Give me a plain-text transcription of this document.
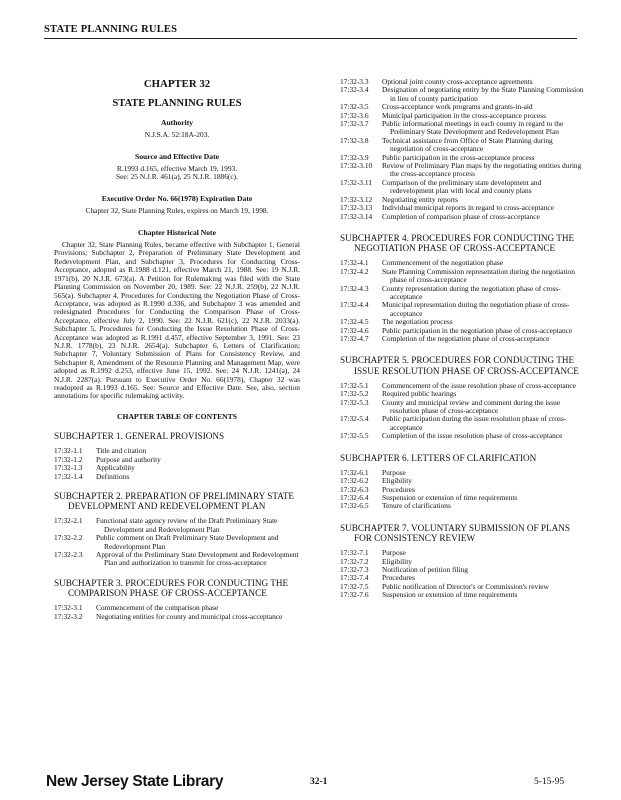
STATE PLANNING RULES
CHAPTER 32
STATE PLANNING RULES
Authority
N.J.S.A. 52:18A-203.
Source and Effective Date
R.1993 d.165, effective March 19, 1993.
See: 25 N.J.R. 461(a), 25 N.J.R. 1886(c).
Executive Order No. 66(1978) Expiration Date
Chapter 32, State Planning Rules, expires on March 19, 1998.
Chapter Historical Note
Chapter 32, State Planning Rules, became effective with Subchapter 1, General Provisions; Subchapter 2, Preparation of Preliminary State Development and Redevelopment Plan, and Subchapter 3, Procedures for Conducting Cross-Acceptance, adopted as R.1988 d.121, effective March 21, 1988. See: 19 N.J.R. 1971(b), 20 N.J.R. 673(a). A Petition for Rulemaking was filed with the State Planning Commission on November 20, 1989. See: 22 N.J.R. 259(b), 22 N.J.R. 565(a). Subchapter 4, Procedures for Conducting the Negotiation Phase of Cross-Acceptance, was adopted as R.1990 d.336, and Subchapter 3 was amended and redesignated Procedures for Conducting the Comparison Phase of Cross-Acceptance, effective July 2, 1990. See: 22 N.J.R. 621(c), 22 N.J.R. 2033(a). Subchapter 5, Procedures for Conducting the Issue Resolution Phase of Cross-Acceptance was adopted as R.1991 d.457, effective September 3, 1991. See: 23 N.J.R. 1778(b), 23 N.J.R. 2654(a). Subchapter 6, Letters of Clarification; Subchapter 7, Voluntary Submission of Plans for Consistency Review, and Subchapter 8, Amendment of the Resource Planning and Management Map, were adopted as R.1992 d.253, effective June 15, 1992. See: 24 N.J.R. 1241(a), 24 N.J.R. 2287(a). Pursuant to Executive Order No. 66(1978), Chapter 32 was readopted as R.1993 d.165. See: Source and Effective Date. See, also, section annotations for specific rulemaking activity.
CHAPTER TABLE OF CONTENTS
SUBCHAPTER 1. GENERAL PROVISIONS
17:32-1.1	Title and citation
17:32-1.2	Purpose and authority
17:32-1.3	Applicability
17:32-1.4	Definitions
SUBCHAPTER 2. PREPARATION OF PRELIMINARY STATE DEVELOPMENT AND REDEVELOPMENT PLAN
17:32-2.1	Functional state agency review of the Draft Preliminary State Development and Redevelopment Plan
17:32-2.2	Public comment on Draft Preliminary State Development and Redevelopment Plan
17:32-2.3	Approval of the Preliminary State Development and Redevelopment Plan and authorization to transmit for cross-acceptance
SUBCHAPTER 3. PROCEDURES FOR CONDUCTING THE COMPARISON PHASE OF CROSS-ACCEPTANCE
17:32-3.1	Commencement of the comparison phase
17:32-3.2	Negotiating entities for county and municipal cross-acceptance
17:32-3.3	Optional joint county cross-acceptance agreements
17:32-3.4	Designation of negotiating entity by the State Planning Commission in lieu of county participation
17:32-3.5	Cross-acceptance work programs and grants-in-aid
17:32-3.6	Municipal participation in the cross-acceptance process
17:32-3.7	Public informational meetings in each county in regard to the Preliminary State Development and Redevelopment Plan
17:32-3.8	Technical assistance from Office of State Planning during negotiation of cross-acceptance
17:32-3.9	Public participation in the cross-acceptance process
17:32-3.10	Review of Preliminary Plan maps by the negotiating entities during the cross-acceptance process
17:32-3.11	Comparison of the preliminary state development and redevelopment plan with local and county plans
17:32-3.12	Negotiating entity reports
17:32-3.13	Individual municipal reports in regard to cross-acceptance
17:32-3.14	Completion of comparison phase of cross-acceptance
SUBCHAPTER 4. PROCEDURES FOR CONDUCTING THE NEGOTIATION PHASE OF CROSS-ACCEPTANCE
17:32-4.1	Commencement of the negotiation phase
17:32-4.2	State Planning Commission representation during the negotiation phase of cross-acceptance
17:32-4.3	County representation during the negotiation phase of cross-acceptance
17:32-4.4	Municipal representation during the negotiation phase of cross-acceptance
17:32-4.5	The negotiation process
17:32-4.6	Public participation in the negotiation phase of cross-acceptance
17:32-4.7	Completion of the negotiation phase of cross-acceptance
SUBCHAPTER 5. PROCEDURES FOR CONDUCTING THE ISSUE RESOLUTION PHASE OF CROSS-ACCEPTANCE
17:32-5.1	Commencement of the issue resolution phase of cross-acceptance
17:32-5.2	Required public hearings
17:32-5.3	County and municipal review and comment during the issue resolution phase of cross-acceptance
17:32-5.4	Public participation during the issue resolution phase of cross-acceptance
17:32-5.5	Completion of the issue resolution phase of cross-acceptance
SUBCHAPTER 6. LETTERS OF CLARIFICATION
17:32-6.1	Purpose
17:32-6.2	Eligibility
17:32-6.3	Procedures
17:32-6.4	Suspension or extension of time requirements
17:32-6.5	Tenure of clarifications
SUBCHAPTER 7. VOLUNTARY SUBMISSION OF PLANS FOR CONSISTENCY REVIEW
17:32-7.1	Purpose
17:32-7.2	Eligibility
17:32-7.3	Notification of petition filing
17:32-7.4	Procedures
17:32-7.5	Public notification of Director's or Commission's review
17:32-7.6	Suspension or extension of time requirements
New Jersey State Library	32-1	5-15-95
